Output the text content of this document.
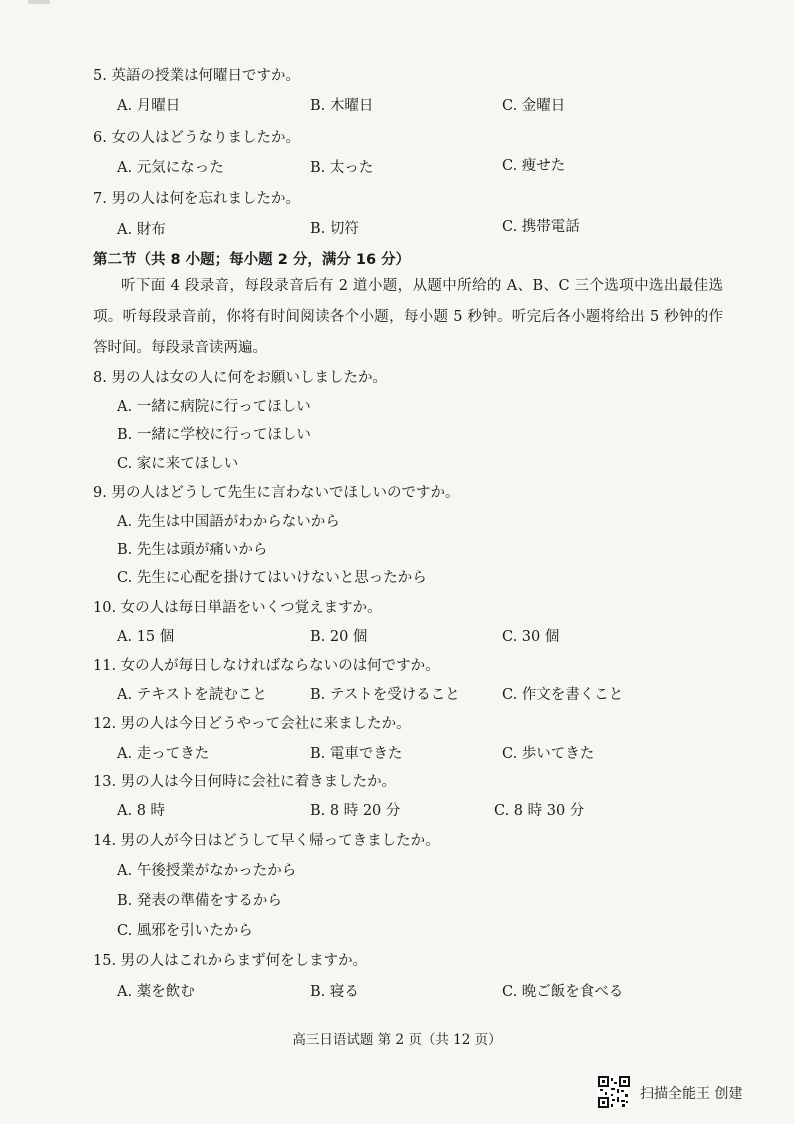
5. 英語の授業は何曜日ですか。
A. 月曜日	B. 木曜日	C. 金曜日
6. 女の人はどうなりましたか。
A. 元気になった	B. 太った	C. 痩せた
7. 男の人は何を忘れましたか。
A. 財布	B. 切符	C. 携帯電話
第二节（共 8 小题；每小题 2 分，满分 16 分）
听下面 4 段录音，每段录音后有 2 道小题，从题中所给的 A、B、C 三个选项中选出最佳选项。听每段录音前，你将有时间阅读各个小题，每小题 5 秒钟。听完后各小题将给出 5 秒钟的作答时间。每段录音读两遍。
8. 男の人は女の人に何をお願いしましたか。
A. 一緒に病院に行ってほしい
B. 一緒に学校に行ってほしい
C. 家に来てほしい
9. 男の人はどうして先生に言わないでほしいのですか。
A. 先生は中国語がわからないから
B. 先生は頭が痛いから
C. 先生に心配を掛けてはいけないと思ったから
10. 女の人は毎日単語をいくつ覚えますか。
A. 15 個	B. 20 個	C. 30 個
11. 女の人が毎日しなければならないのは何ですか。
A. テキストを読むこと	B. テストを受けること	C. 作文を書くこと
12. 男の人は今日どうやって会社に来ましたか。
A. 走ってきた	B. 電車できた	C. 歩いてきた
13. 男の人は今日何時に会社に着きましたか。
A. 8 時	B. 8 時 20 分	C. 8 時 30 分
14. 男の人が今日はどうして早く帰ってきましたか。
A. 午後授業がなかったから
B. 発表の準備をするから
C. 風邪を引いたから
15. 男の人はこれからまず何をしますか。
A. 薬を飲む	B. 寝る	C. 晩ご飯を食べる
高三日语试题 第 2 页（共 12 页）
扫描全能王 创建
